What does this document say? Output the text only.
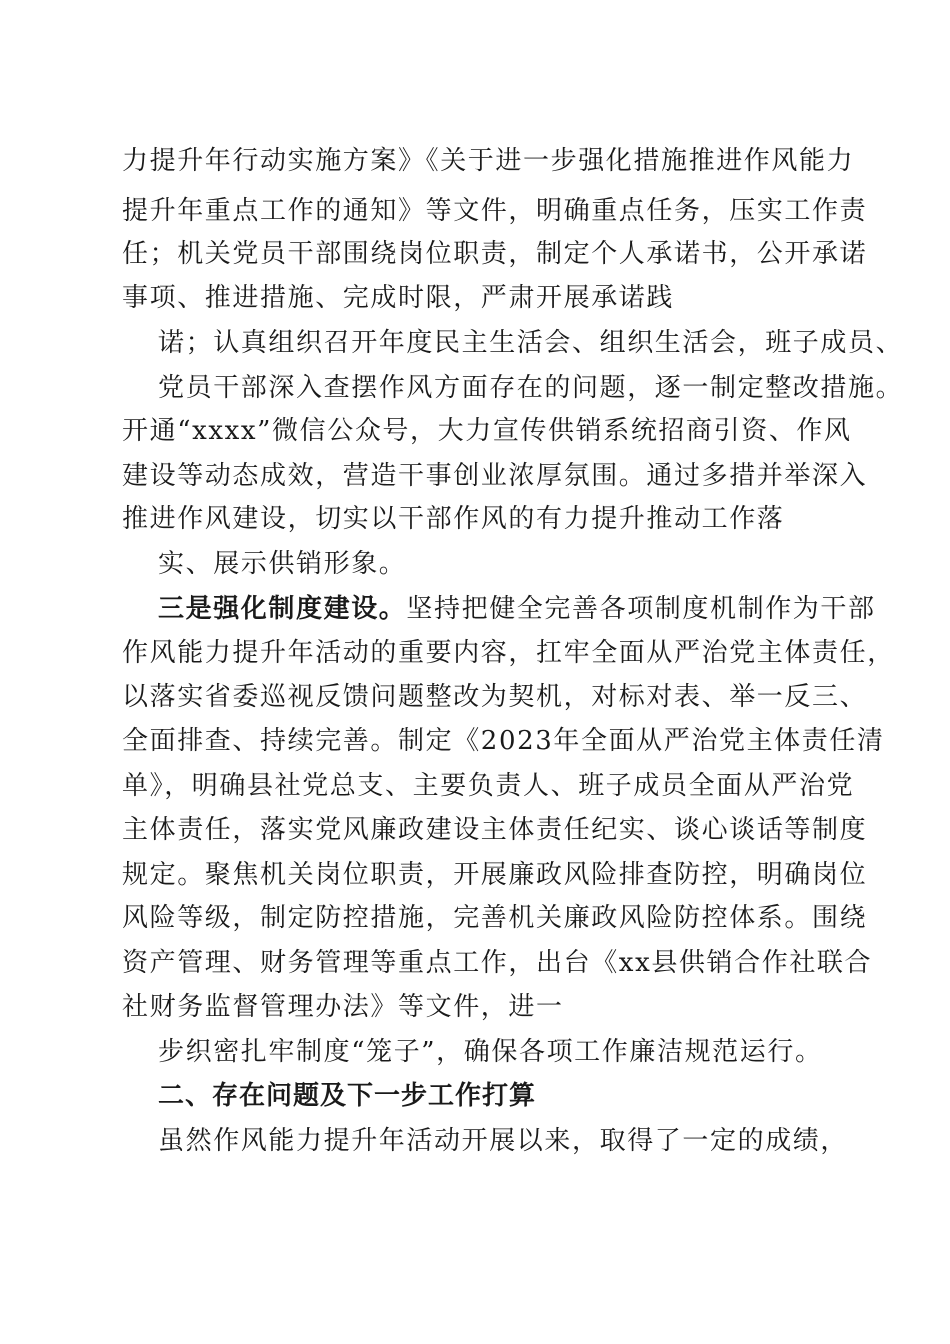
力提升年行动实施方案》《关于进一步强化措施推进作风能力
提升年重点工作的通知》等文件，明确重点任务，压实工作责
任；机关党员干部围绕岗位职责，制定个人承诺书，公开承诺
事项、推进措施、完成时限，严肃开展承诺践
诺；认真组织召开年度民主生活会、组织生活会，班子成员、
党员干部深入查摆作风方面存在的问题，逐一制定整改措施。
开通“xxxx”微信公众号，大力宣传供销系统招商引资、作风
建设等动态成效，营造干事创业浓厚氛围。通过多措并举深入
推进作风建设，切实以干部作风的有力提升推动工作落
实、展示供销形象。
三是强化制度建设。坚持把健全完善各项制度机制作为干部
作风能力提升年活动的重要内容，扛牢全面从严治党主体责任，
以落实省委巡视反馈问题整改为契机，对标对表、举一反三、
全面排查、持续完善。制定《2023年全面从严治党主体责任清
单》，明确县社党总支、主要负责人、班子成员全面从严治党
主体责任，落实党风廉政建设主体责任纪实、谈心谈话等制度
规定。聚焦机关岗位职责，开展廉政风险排查防控，明确岗位
风险等级，制定防控措施，完善机关廉政风险防控体系。围绕
资产管理、财务管理等重点工作，出台《xx县供销合作社联合
社财务监督管理办法》等文件，进一
步织密扎牢制度“笼子”，确保各项工作廉洁规范运行。
二、存在问题及下一步工作打算
虽然作风能力提升年活动开展以来，取得了一定的成绩，
